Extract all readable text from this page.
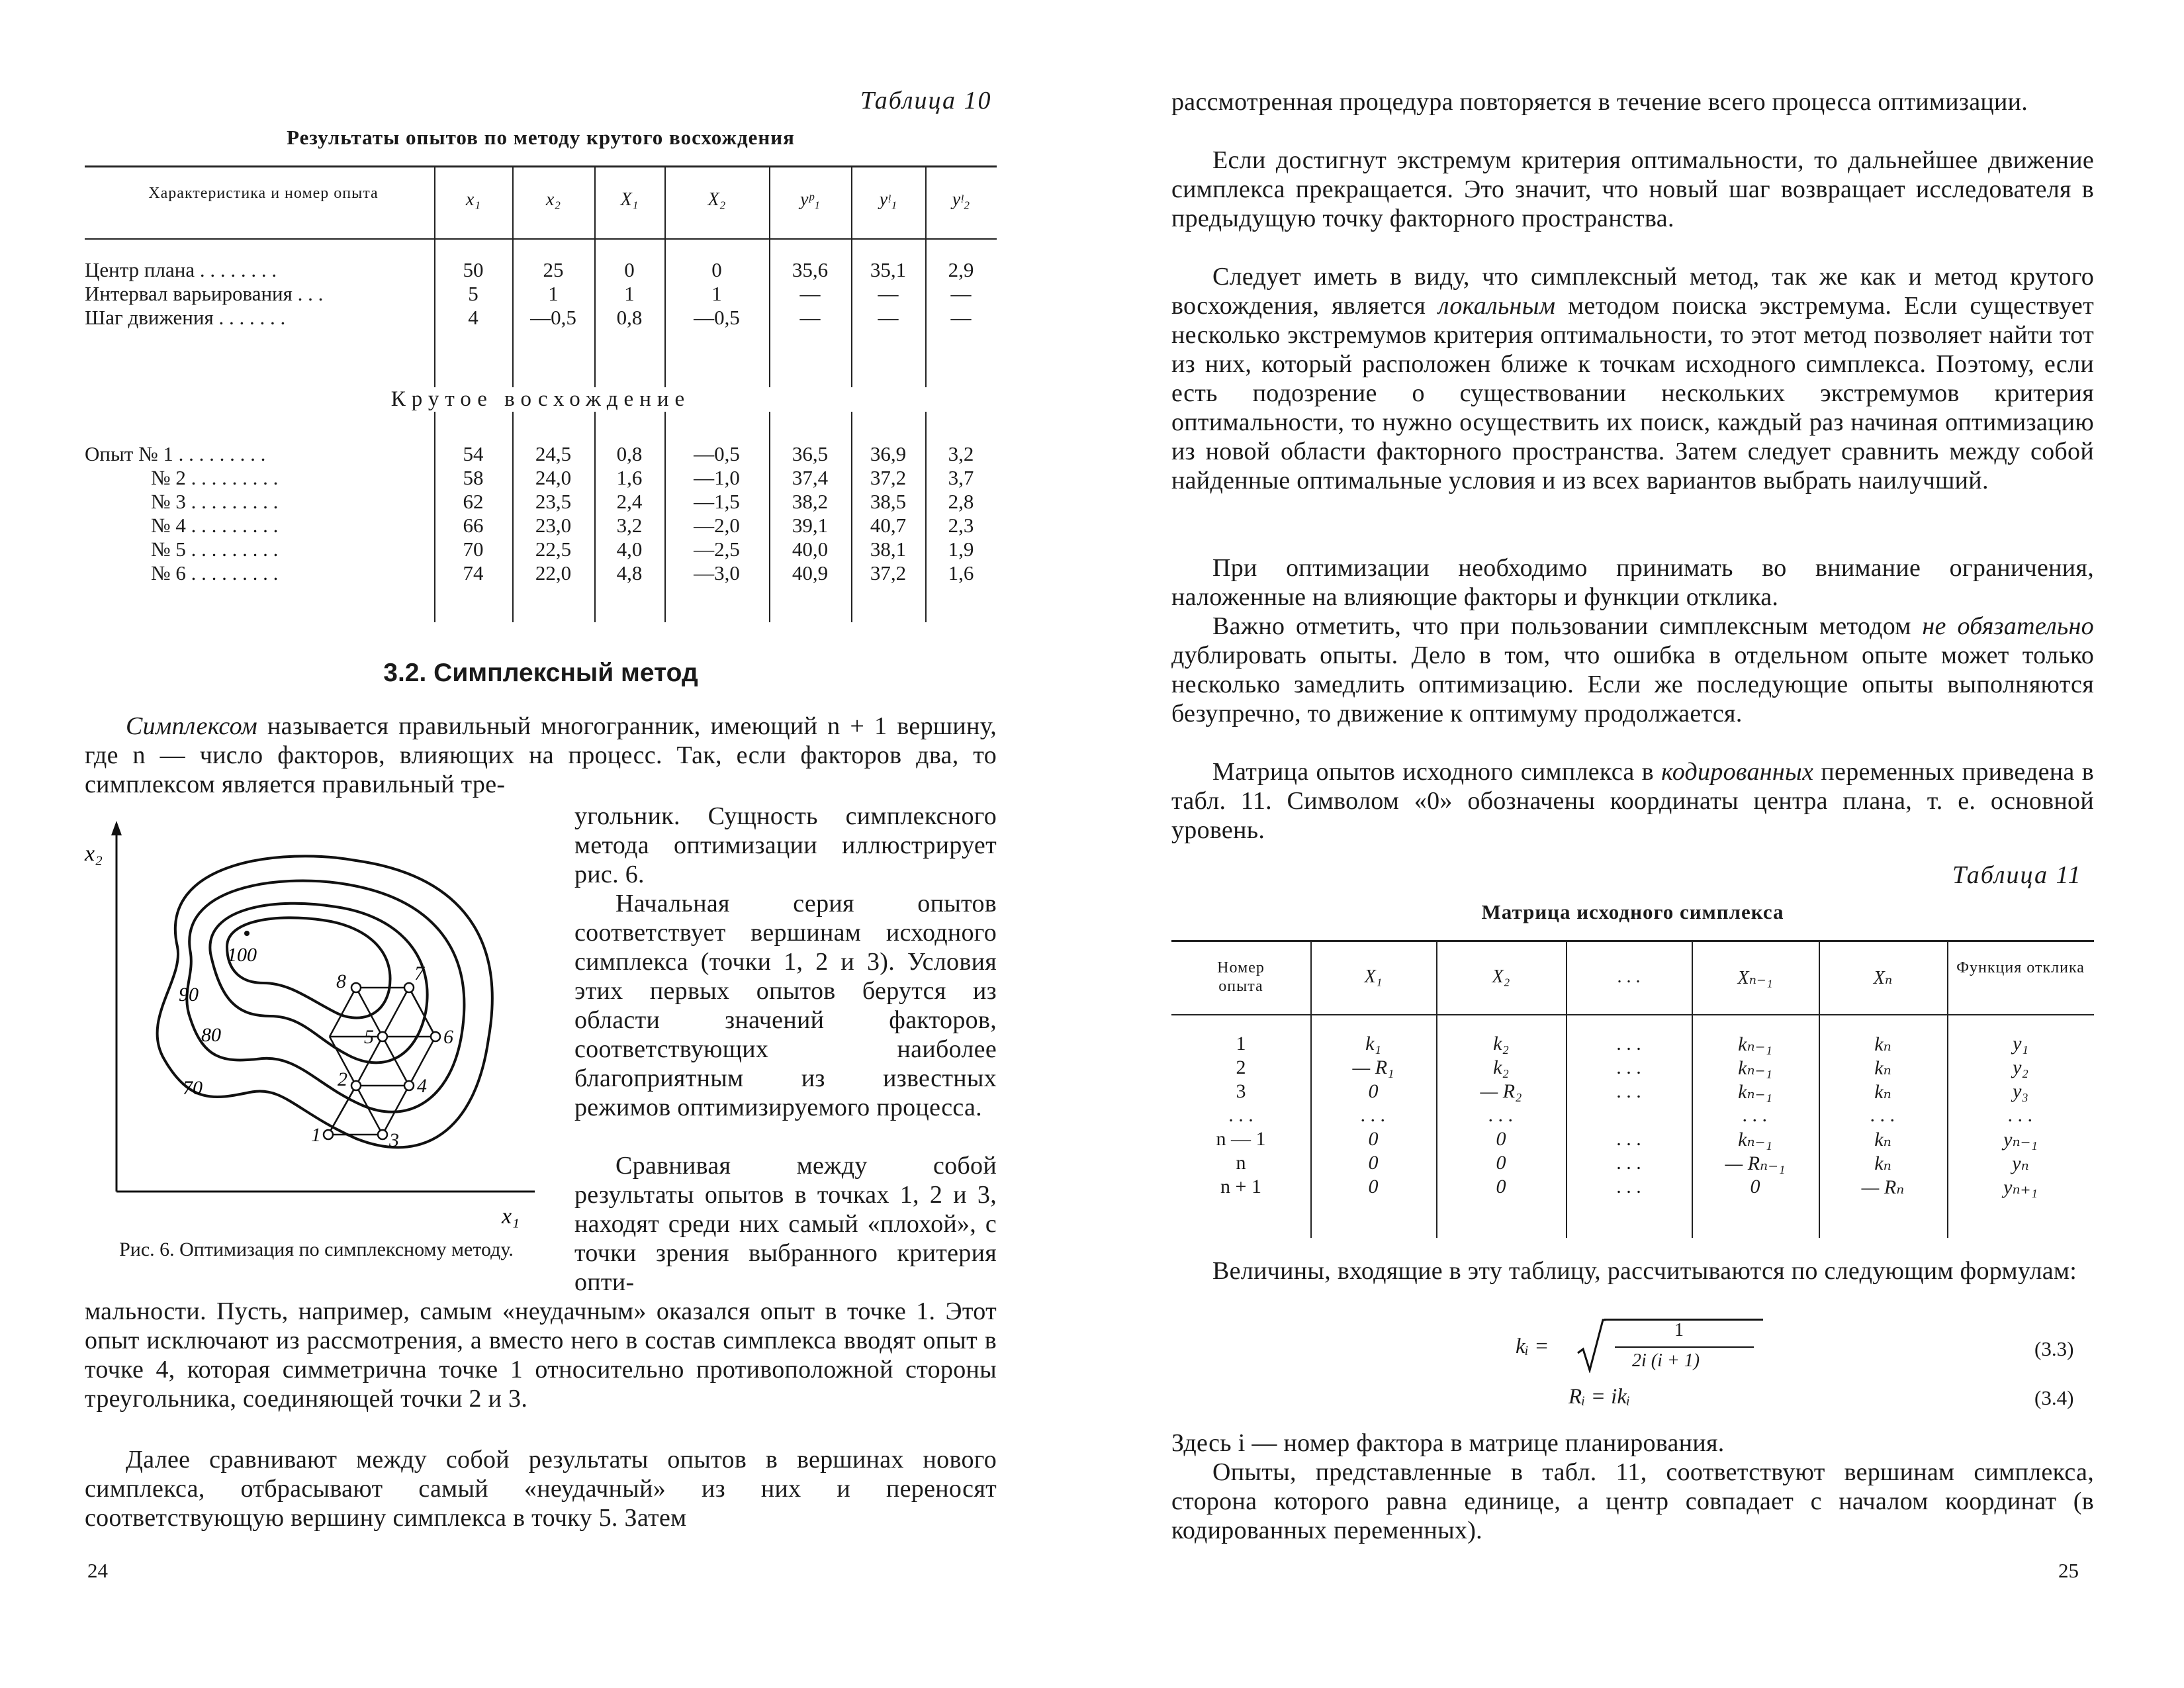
Таблица 10
Результаты опытов по методу крутого восхождения
Характеристика и номер опыта	x₁	x₂	X₁	X₂	yᵖ₁	yᵎ₁	yᵎ₂
Центр плана . . . . . . . .	50	25	0	0	35,6	35,1	2,9
Интервал варьирования . . .	5	1	1	1	—	—	—
Шаг движения . . . . . . .	4	—0,5	0,8	—0,5	—	—	—
Крутое восхождение
Опыт № 1 . . . . . . . . .	54	24,5	0,8	—0,5	36,5	36,9	3,2
№ 2 . . . . . . . . .	58	24,0	1,6	—1,0	37,4	37,2	3,7
№ 3 . . . . . . . . .	62	23,5	2,4	—1,5	38,2	38,5	2,8
№ 4 . . . . . . . . .	66	23,0	3,2	—2,0	39,1	40,7	2,3
№ 5 . . . . . . . . .	70	22,5	4,0	—2,5	40,0	38,1	1,9
№ 6 . . . . . . . . .	74	22,0	4,8	—3,0	40,9	37,2	1,6
3.2. Симплексный метод
Симплексом называется правильный многогранник, имеющий n + 1 вершину, где n — число факторов, влияющих на процесс. Так, если факторов два, то симплексом является правильный тре-
угольник. Сущность симплексного метода оптимизации иллюстрирует рис. 6.
Начальная серия опытов соответствует вершинам исходного симплекса (точки 1, 2 и 3). Условия этих первых опытов берутся из области значений факторов, соответствующих наиболее благоприятным из известных режимов оптимизируемого процесса.
Сравнивая между собой результаты опытов в точках 1, 2 и 3, находят среди них самый «плохой», с точки зрения выбранного критерия опти-
x₂
x₁
100
90
80
70
1
2
3
4
5	6
7
8
Рис. 6. Оптимизация по симплексному методу.
мальности. Пусть, например, самым «неудачным» оказался опыт в точке 1. Этот опыт исключают из рассмотрения, а вместо него в состав симплекса вводят опыт в точке 4, которая симметрична точке 1 относительно противоположной стороны треугольника, соединяющей точки 2 и 3.
Далее сравнивают между собой результаты опытов в вершинах нового симплекса, отбрасывают самый «неудачный» из них и переносят соответствующую вершину симплекса в точку 5. Затем
24
рассмотренная процедура повторяется в течение всего процесса оптимизации.
Если достигнут экстремум критерия оптимальности, то дальнейшее движение симплекса прекращается. Это значит, что новый шаг возвращает исследователя в предыдущую точку факторного пространства.
Следует иметь в виду, что симплексный метод, так же как и метод крутого восхождения, является локальным методом поиска экстремума. Если существует несколько экстремумов критерия оптимальности, то этот метод позволяет найти тот из них, который расположен ближе к точкам исходного симплекса. Поэтому, если есть подозрение о существовании нескольких экстремумов критерия оптимальности, то нужно осуществить их поиск, каждый раз начиная оптимизацию из новой области факторного пространства. Затем следует сравнить между собой найденные оптимальные условия и из всех вариантов выбрать наилучший.
При оптимизации необходимо принимать во внимание ограничения, наложенные на влияющие факторы и функции отклика.
Важно отметить, что при пользовании симплексным методом не обязательно дублировать опыты. Дело в том, что ошибка в отдельном опыте может только несколько замедлить оптимизацию. Если же последующие опыты выполняются безупречно, то движение к оптимуму продолжается.
Матрица опытов исходного симплекса в кодированных переменных приведена в табл. 11. Символом «0» обозначены координаты центра плана, т. е. основной уровень.
Таблица 11
Матрица исходного симплекса
Номер опыта	X₁	X₂	. . .	Xₙ₋₁	Xₙ	Функция отклика
1	k₁	k₂	. . .	kₙ₋₁	kₙ	y₁
2	— R₁	k₂	. . .	kₙ₋₁	kₙ	y₂
3	0	— R₂	. . .	kₙ₋₁	kₙ	y₃
. . .	. . .	. . .	. . .	. . .	. . .
n — 1	0	0	. . .	kₙ₋₁	kₙ	yₙ₋₁
n	0	0	. . .	— Rₙ₋₁	kₙ	yₙ
n + 1	0	0	. . .	0	— Rₙ	yₙ₊₁
Величины, входящие в эту таблицу, рассчитываются по следующим формулам:
kᵢ =
1
2i (i + 1)
(3.3)
Rᵢ = ikᵢ	(3.4)
Здесь i — номер фактора в матрице планирования.
Опыты, представленные в табл. 11, соответствуют вершинам симплекса, сторона которого равна единице, а центр совпадает с началом координат (в кодированных переменных).
25
